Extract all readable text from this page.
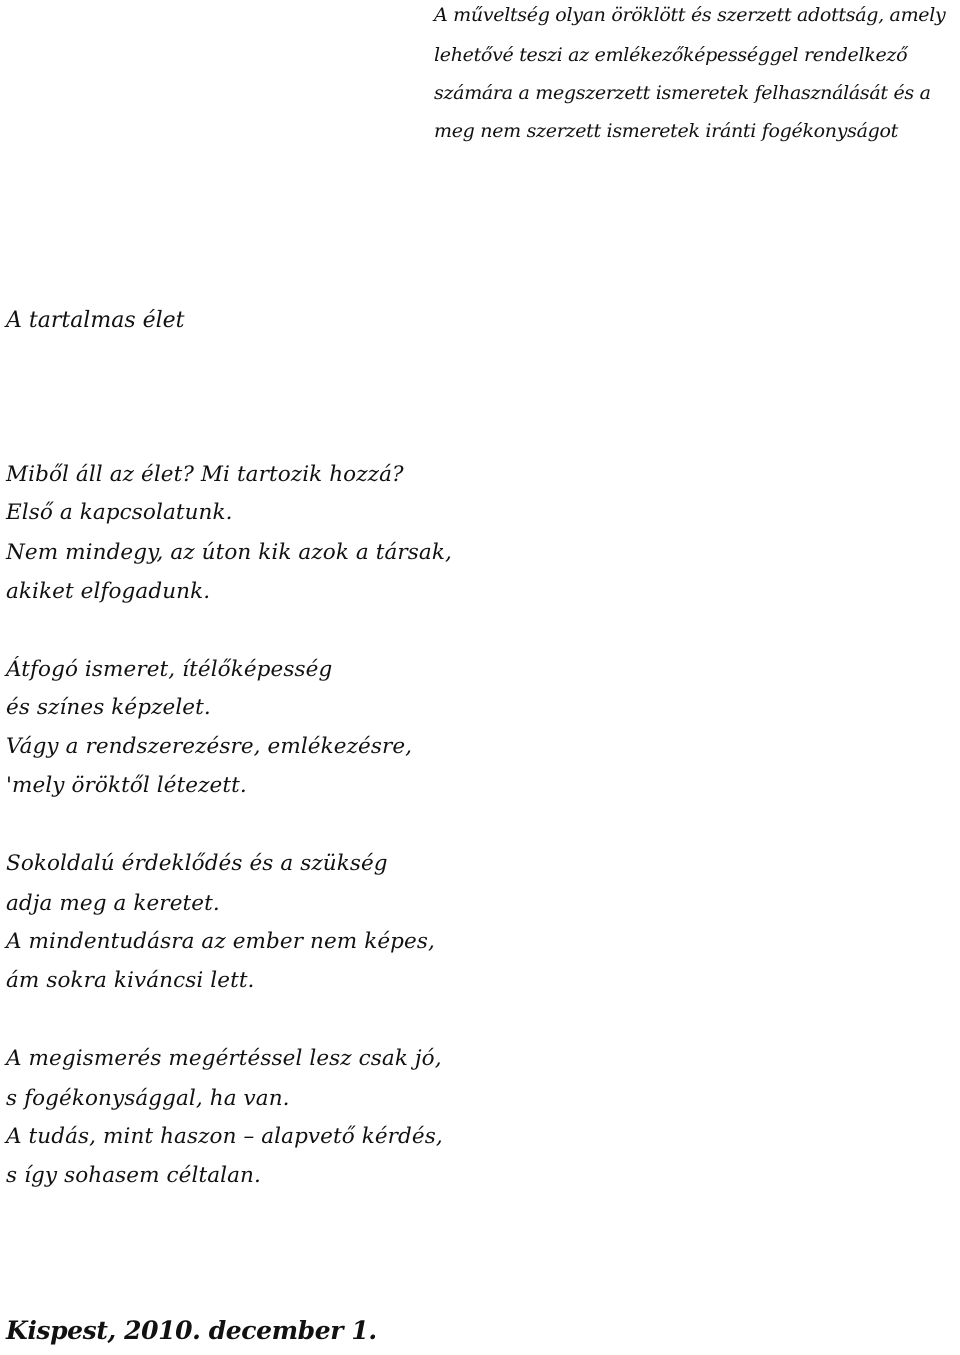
A műveltség olyan öröklött és szerzett adottság, amely

lehetővé teszi az emlékezőképességgel rendelkező

számára a megszerzett ismeretek felhasználását és a

meg nem szerzett ismeretek iránti fogékonyságot

A tartalmas élet

Miből áll az élet? Mi tartozik hozzá?

Első a kapcsolatunk.

Nem mindegy, az úton kik azok a társak,

akiket elfogadunk.

Átfogó ismeret, ítélőképesség

és színes képzelet.

Vágy a rendszerezésre, emlékezésre,

'mely öröktől létezett.

Sokoldalú érdeklődés és a szükség

adja meg a keretet.

A mindentudásra az ember nem képes,

ám sokra kiváncsi lett.

A megismerés megértéssel lesz csak jó,

s fogékonysággal, ha van.

A tudás, mint haszon – alapvető kérdés,

s így sohasem céltalan.

Kispest, 2010. december 1.
